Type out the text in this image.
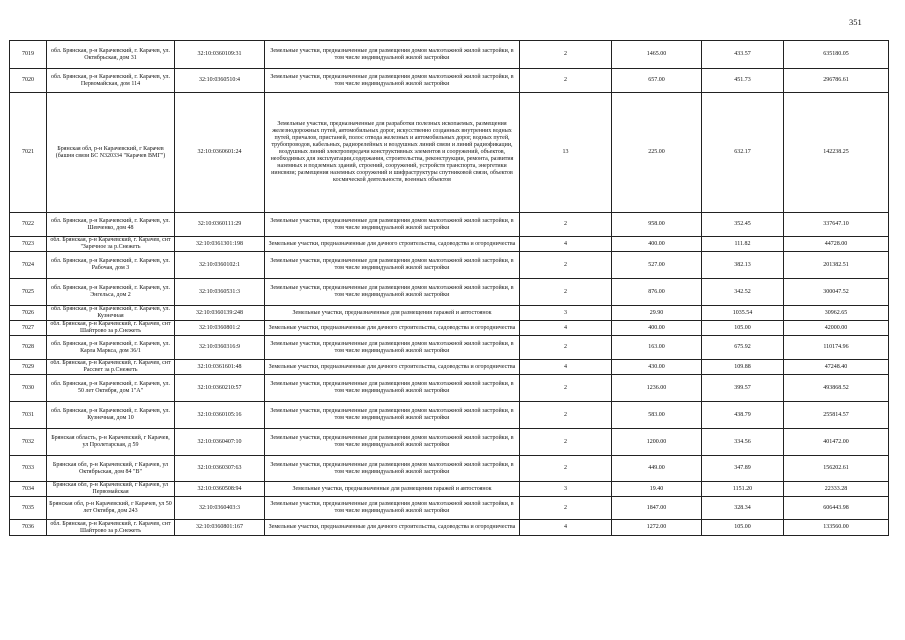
351
7019	обл. Брянская, р-н Карачевский, г. Карачев, ул. Октябрьская, дом 31	32:10:0360109:31	Земельные участки, предназначенные для размещения домов малоэтажной жилой застройки, в том числе индивидуальной жилой застройки	2	1465.00	433.57	635180.05
7020	обл. Брянская, р-н Карачевский, г. Карачев, ул. Первомайская, дом 114	32:10:0360510:4	Земельные участки, предназначенные для размещения домов малоэтажной жилой застройки, в том числе индивидуальной жилой застройки	2	657.00	451.73	296786.61
7021	Брянская обл, р-н Карачевский, г Карачев (башня связи БС N320334 "Карачев ВМГ")	32:10:0360601:24	Земельные участки, предназначенные для разработки полезных ископаемых, размещения железнодорожных путей, автомобильных дорог, искусственно созданных внутренних водных путей, причалов, пристаней, полос отвода железных и автомобильных дорог, водных путей, трубопроводов, кабельных, радиорелейных и воздушных линий связи и линий радиофикации, воздушных линий электропередачи конструктивных элементов и сооружений, объектов, необходимых для эксплуатации,содержания, строительства, реконструкции, ремонта, развития наземных и подземных зданий, строений, сооружений, устройств транспорта, энергетики иинсвязи; размещения наземных сооружений и шифраструктуры спутниковой связи, объектов космической деятельности, военных объектов	13	225.00	632.17	142238.25
7022	обл. Брянская, р-н Карачевский, г. Карачев, ул. Шевченко, дом 48	32:10:0360111:29	Земельные участки, предназначенные для размещения домов малоэтажной жилой застройки, в том числе индивидуальной жилой застройки	2	958.00	352.45	337647.10
7023	обл. Брянская, р-н Карачевский, г. Карачев, снт "Заречное за р.Снежеть	32:10:0361301:198	Земельные участки, предназначенные для дачного строительства, садоводства и огородничества	4	400.00	111.82	44728.00
7024	обл. Брянская, р-н Карачевский, г. Карачев, ул. Рабочая, дом 3	32:10:0360102:1	Земельные участки, предназначенные для размещения домов малоэтажной жилой застройки, в том числе индивидуальной жилой застройки	2	527.00	382.13	201382.51
7025	обл. Брянская, р-н Карачевский, г. Карачев, ул. Энгельса, дом 2	32:10:0360531:3	Земельные участки, предназначенные для размещения домов малоэтажной жилой застройки, в том числе индивидуальной жилой застройки	2	876.00	342.52	300047.52
7026	обл. Брянская, р-н Карачевский, г. Карачев, ул. Кузнечная	32:10:0360139:248	Земельные участки, предназначенные для размещения гаражей и автостоянок	3	29.90	1035.54	30962.65
7027	обл. Брянская, р-н Карачевский, г. Карачев, снт Шайтрово за р.Снежеть	32:10:0360801:2	Земельные участки, предназначенные для дачного строительства, садоводства и огородничества	4	400.00	105.00	42000.00
7028	обл. Брянская, р-н Карачевский, г. Карачев, ул. Карла Маркса, дом 36/1	32:10:0360316:9	Земельные участки, предназначенные для размещения домов малоэтажной жилой застройки, в том числе индивидуальной жилой застройки	2	163.00	675.92	110174.96
7029	обл. Брянская, р-н Карачевский, г. Карачев, снт Рассвет за р.Снежеть	32:10:0361601:48	Земельные участки, предназначенные для дачного строительства, садоводства и огородничества	4	430.00	109.88	47248.40
7030	обл. Брянская, р-н Карачевский, г. Карачев, ул. 50 лет Октября, дом 1"А"	32:10:0360210:57	Земельные участки, предназначенные для размещения домов малоэтажной жилой застройки, в том числе индивидуальной жилой застройки	2	1236.00	399.57	493868.52
7031	обл. Брянская, р-н Карачевский, г. Карачев, ул. Кузнечная, дом 10	32:10:0360105:16	Земельные участки, предназначенные для размещения домов малоэтажной жилой застройки, в том числе индивидуальной жилой застройки	2	583.00	438.79	255814.57
7032	Брянская область, р-н Карачевский, г Карачев, ул Пролетарская, д 59	32:10:0360407:10	Земельные участки, предназначенные для размещения домов малоэтажной жилой застройки, в том числе индивидуальной жилой застройки	2	1200.00	334.56	401472.00
7033	Брянская обл, р-н Карачевский, г Карачев, ул Октябрьская, дом 84 "В"	32:10:0360307:63	Земельные участки, предназначенные для размещения домов малоэтажной жилой застройки, в том числе индивидуальной жилой застройки	2	449.00	347.89	156202.61
7034	Брянская обл, р-н Карачевский, г Карачев, ул Первомайская	32:10:0360508:94	Земельные участки, предназначенные для размещения гаражей и автостоянок	3	19.40	1151.20	22333.28
7035	Брянская обл, р-н Карачевский, г Карачев, ул 50 лет Октября, дом 243	32:10:0360403:3	Земельные участки, предназначенные для размещения домов малоэтажной жилой застройки, в том числе индивидуальной жилой застройки	2	1847.00	328.34	606443.98
7036	обл. Брянская, р-н Карачевский, г. Карачев, снт Шайтрово за р.Снежеть	32:10:0360801:167	Земельные участки, предназначенные для дачного строительства, садоводства и огородничества	4	1272.00	105.00	133560.00
